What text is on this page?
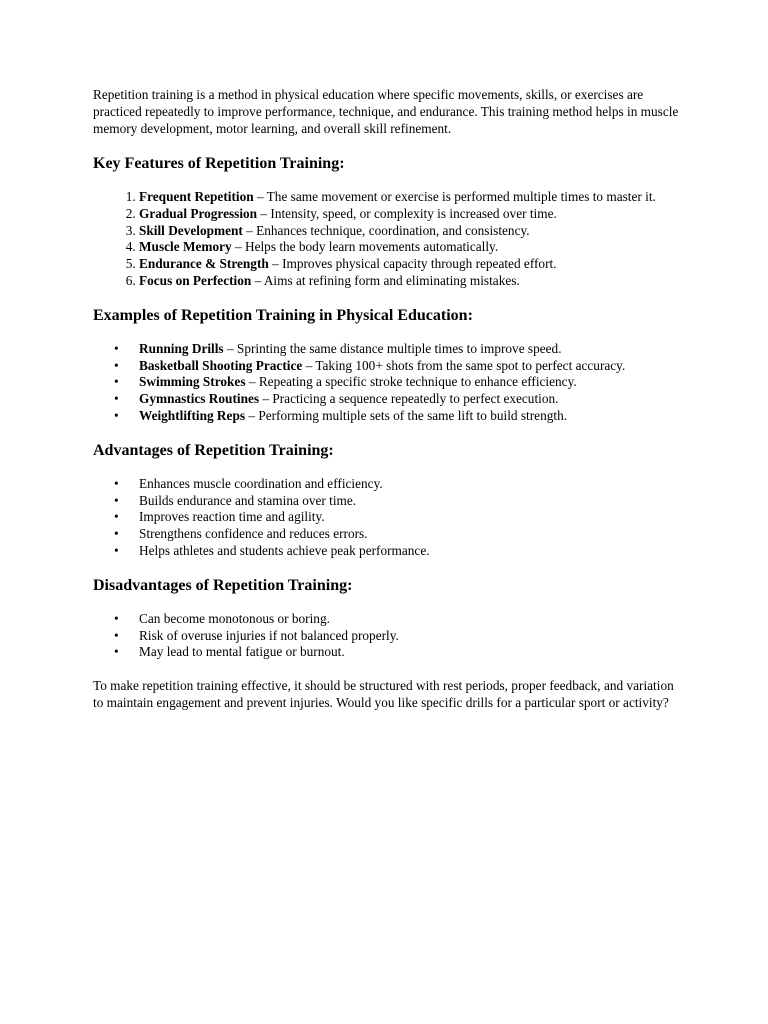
Repetition training is a method in physical education where specific movements, skills, or exercises are practiced repeatedly to improve performance, technique, and endurance. This training method helps in muscle memory development, motor learning, and overall skill refinement.

Key Features of Repetition Training:
1. Frequent Repetition – The same movement or exercise is performed multiple times to master it.
2. Gradual Progression – Intensity, speed, or complexity is increased over time.
3. Skill Development – Enhances technique, coordination, and consistency.
4. Muscle Memory – Helps the body learn movements automatically.
5. Endurance & Strength – Improves physical capacity through repeated effort.
6. Focus on Perfection – Aims at refining form and eliminating mistakes.
Examples of Repetition Training in Physical Education:
• Running Drills – Sprinting the same distance multiple times to improve speed.
• Basketball Shooting Practice – Taking 100+ shots from the same spot to perfect accuracy.
• Swimming Strokes – Repeating a specific stroke technique to enhance efficiency.
• Gymnastics Routines – Practicing a sequence repeatedly to perfect execution.
• Weightlifting Reps – Performing multiple sets of the same lift to build strength.
Advantages of Repetition Training:
• Enhances muscle coordination and efficiency.
• Builds endurance and stamina over time.
• Improves reaction time and agility.
• Strengthens confidence and reduces errors.
• Helps athletes and students achieve peak performance.
Disadvantages of Repetition Training:
• Can become monotonous or boring.
• Risk of overuse injuries if not balanced properly.
• May lead to mental fatigue or burnout.

To make repetition training effective, it should be structured with rest periods, proper feedback, and variation to maintain engagement and prevent injuries. Would you like specific drills for a particular sport or activity?
